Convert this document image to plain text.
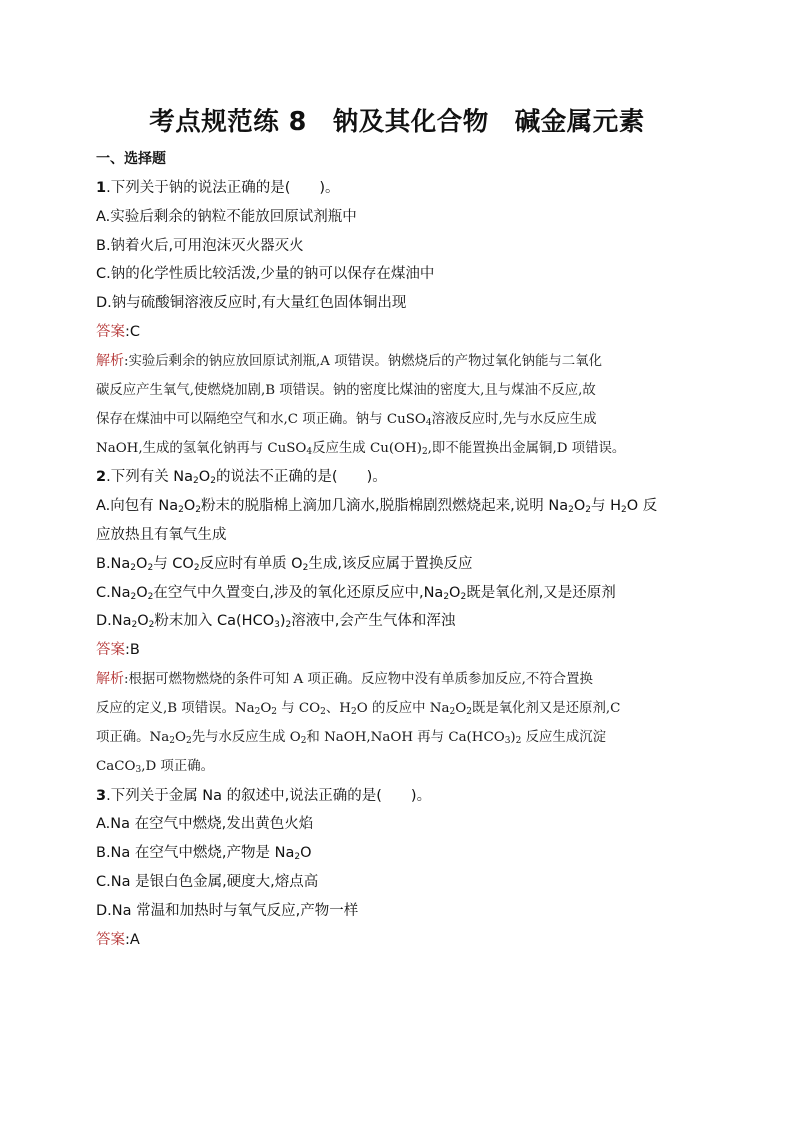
考点规范练 8　钠及其化合物　碱金属元素
一、选择题
1.下列关于钠的说法正确的是(　　)。
A.实验后剩余的钠粒不能放回原试剂瓶中
B.钠着火后,可用泡沫灭火器灭火
C.钠的化学性质比较活泼,少量的钠可以保存在煤油中
D.钠与硫酸铜溶液反应时,有大量红色固体铜出现
答案:C
解析:实验后剩余的钠应放回原试剂瓶,A 项错误。钠燃烧后的产物过氧化钠能与二氧化
碳反应产生氧气,使燃烧加剧,B 项错误。钠的密度比煤油的密度大,且与煤油不反应,故
保存在煤油中可以隔绝空气和水,C 项正确。钠与 CuSO$_4$溶液反应时,先与水反应生成
NaOH,生成的氢氧化钠再与 CuSO$_4$反应生成 $Cu(OH)_2$,即不能置换出金属铜,D 项错误。
2.下列有关 $Na_2O_2$的说法不正确的是(　　)。
A.向包有 $Na_2O_2$粉末的脱脂棉上滴加几滴水,脱脂棉剧烈燃烧起来,说明 $Na_2O_2$与 $H_2O$ 反
应放热且有氧气生成
$B.Na_2O_2$与 $CO_2$反应时有单质 $O_2$生成,该反应属于置换反应
$C.Na_2O_2$在空气中久置变白,涉及的氧化还原反应中$,Na_2O_2$既是氧化剂,又是还原剂
$D.Na_2O_2$粉末加入 $Ca(HCO_3)_2$溶液中,会产生气体和浑浊
答案:B
解析:根据可燃物燃烧的条件可知 A 项正确。反应物中没有单质参加反应,不符合置换
反应的定义,B 项错误。$Na_2O_2$ 与 $CO_2$、$H_2O$ 的反应中 $Na_2O_2$既是氧化剂又是还原剂,C
项正确。$Na_2O_2$先与水反应生成 $O_2$和 NaOH,NaOH 再与 $Ca(HCO_3)_2$ 反应生成沉淀
CaCO$_3$,D 项正确。
3.下列关于金属 Na 的叙述中,说法正确的是(　　)。
A.Na 在空气中燃烧,发出黄色火焰
B.Na 在空气中燃烧,产物是 $Na_2O$
C.Na 是银白色金属,硬度大,熔点高
D.Na 常温和加热时与氧气反应,产物一样
答案:A
